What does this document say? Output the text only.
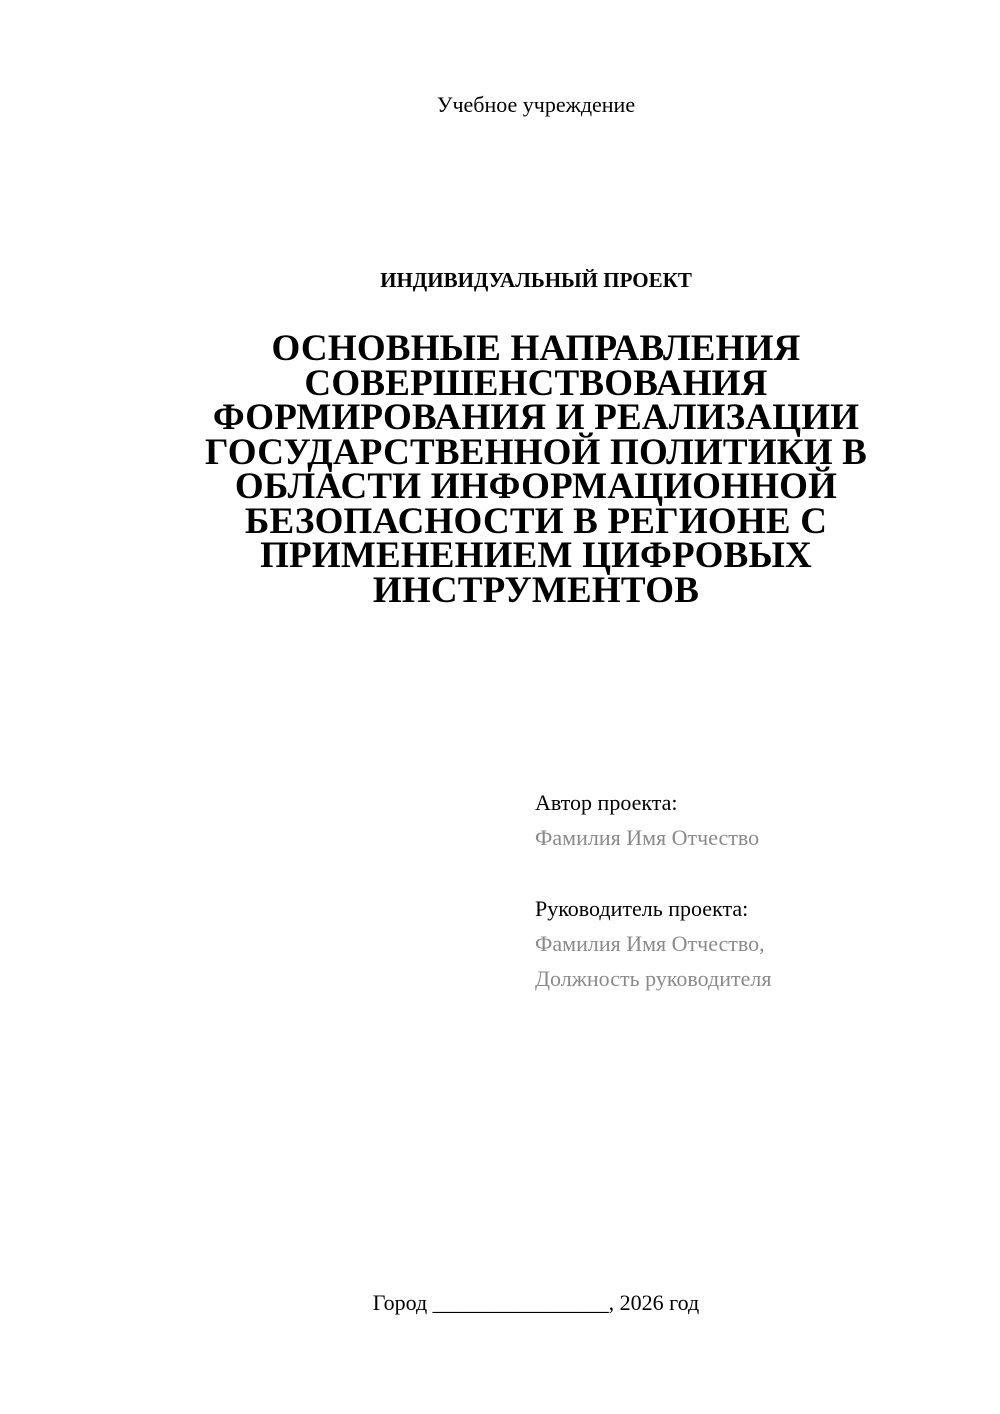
Учебное учреждение
ИНДИВИДУАЛЬНЫЙ ПРОЕКТ
ОСНОВНЫЕ НАПРАВЛЕНИЯ
СОВЕРШЕНСТВОВАНИЯ
ФОРМИРОВАНИЯ И РЕАЛИЗАЦИИ
ГОСУДАРСТВЕННОЙ ПОЛИТИКИ В
ОБЛАСТИ ИНФОРМАЦИОННОЙ
БЕЗОПАСНОСТИ В РЕГИОНЕ С
ПРИМЕНЕНИЕМ ЦИФРОВЫХ
ИНСТРУМЕНТОВ
Автор проекта:
Фамилия Имя Отчество
Руководитель проекта:
Фамилия Имя Отчество,
Должность руководителя
Город ________________, 2026 год
